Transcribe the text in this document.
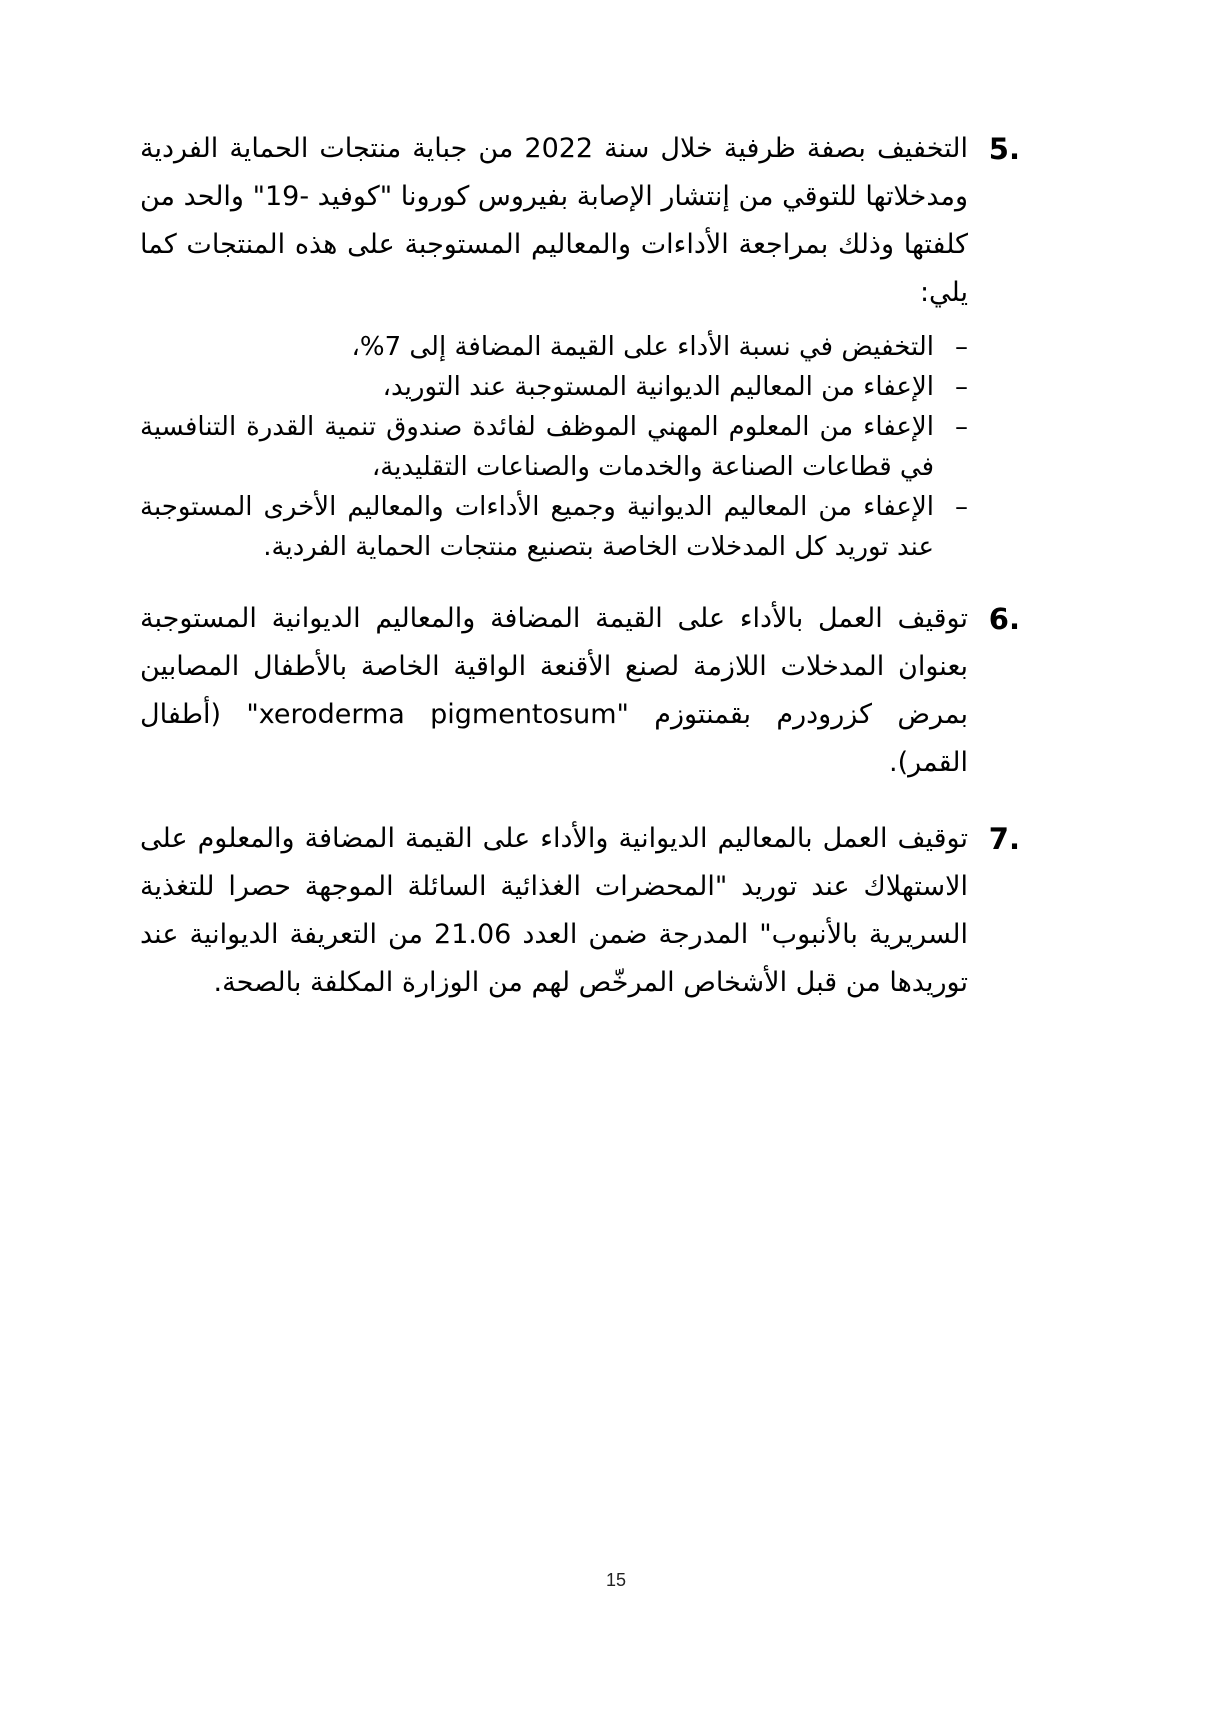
5.
التخفيف بصفة ظرفية خلال سنة 2022 من جباية منتجات الحماية الفردية ومدخلاتها للتوقي من إنتشار الإصابة بفيروس كورونا "كوفيد -19" والحد من كلفتها وذلك بمراجعة الأداءات والمعاليم المستوجبة على هذه المنتجات كما يلي:
–
التخفيض في نسبة الأداء على القيمة المضافة إلى 7%،
–
الإعفاء من المعاليم الديوانية المستوجبة عند التوريد،
–
الإعفاء من المعلوم المهني الموظف لفائدة صندوق تنمية القدرة التنافسية في قطاعات الصناعة والخدمات والصناعات التقليدية،
–
الإعفاء من المعاليم الديوانية وجميع الأداءات والمعاليم الأخرى المستوجبة عند توريد كل المدخلات الخاصة بتصنيع منتجات الحماية الفردية.
6.
توقيف العمل بالأداء على القيمة المضافة والمعاليم الديوانية المستوجبة بعنوان المدخلات اللازمة لصنع الأقنعة الواقية الخاصة بالأطفال المصابين بمرض كزرودرم بقمنتوزم "xeroderma pigmentosum" (أطفال القمر).
7.
توقيف العمل بالمعاليم الديوانية والأداء على القيمة المضافة والمعلوم على الاستهلاك عند توريد "المحضرات الغذائية السائلة الموجهة حصرا للتغذية السريرية بالأنبوب" المدرجة ضمن العدد 21.06 من التعريفة الديوانية عند توريدها من قبل الأشخاص المرخّص لهم من الوزارة المكلفة بالصحة.
15
